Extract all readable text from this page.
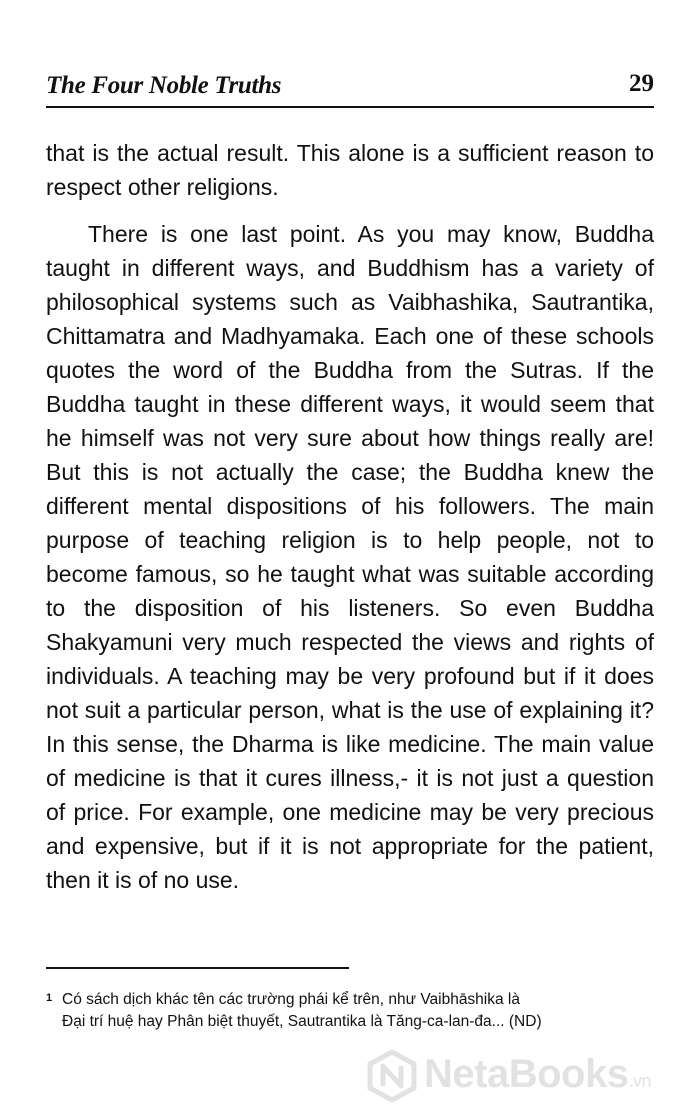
The Four Noble Truths	29

that is the actual result. This alone is a sufficient reason to respect other religions.

There is one last point. As you may know, Buddha taught in different ways, and Buddhism has a variety of philosophical systems such as Vaibhashika, Sautrantika, Chittamatra and Madhyamaka. Each one of these schools quotes the word of the Buddha from the Sutras. If the Buddha taught in these different ways, it would seem that he himself was not very sure about how things really are! But this is not actually the case; the Buddha knew the different mental dispositions of his followers. The main purpose of teaching religion is to help people, not to become famous, so he taught what was suitable according to the disposition of his listeners. So even Buddha Shakyamuni very much respected the views and rights of individuals. A teaching may be very profound but if it does not suit a particular person, what is the use of explaining it? In this sense, the Dharma is like medicine. The main value of medicine is that it cures illness,- it is not just a question of price. For example, one medicine may be very precious and expensive, but if it is not appropriate for the patient, then it is of no use.

1 Có sách dịch khác tên các trường phái kể trên, như Vaibhāshika là
Đại trí huệ hay Phân biệt thuyết, Sautrantika là Tăng-ca-lan-đa... (ND)
NetaBooks.vn
